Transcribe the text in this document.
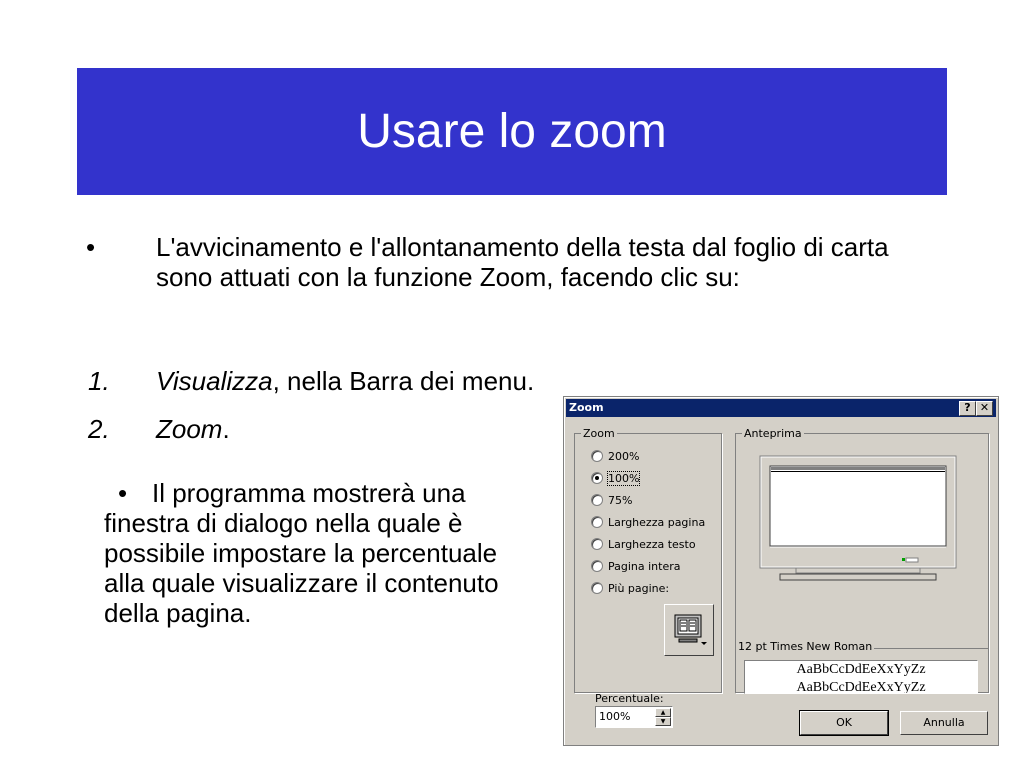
Usare lo zoom
• L'avvicinamento e l'allontanamento della testa dal foglio di carta sono attuati con la funzione Zoom, facendo clic su:
1. Visualizza, nella Barra dei menu.
2. Zoom.
• Il programma mostrerà una finestra di dialogo nella quale è possibile impostare la percentuale alla quale visualizzare il contenuto della pagina.
Zoom	? ✕
Zoom
200%
100%
75%
Larghezza pagina
Larghezza testo
Pagina intera
Più pagine:
Percentuale:
100%
▲
▼
Anteprima
12 pt Times New Roman
AaBbCcDdEeXxYyZz
AaBbCcDdEeXxYyZz
OK	Annulla
